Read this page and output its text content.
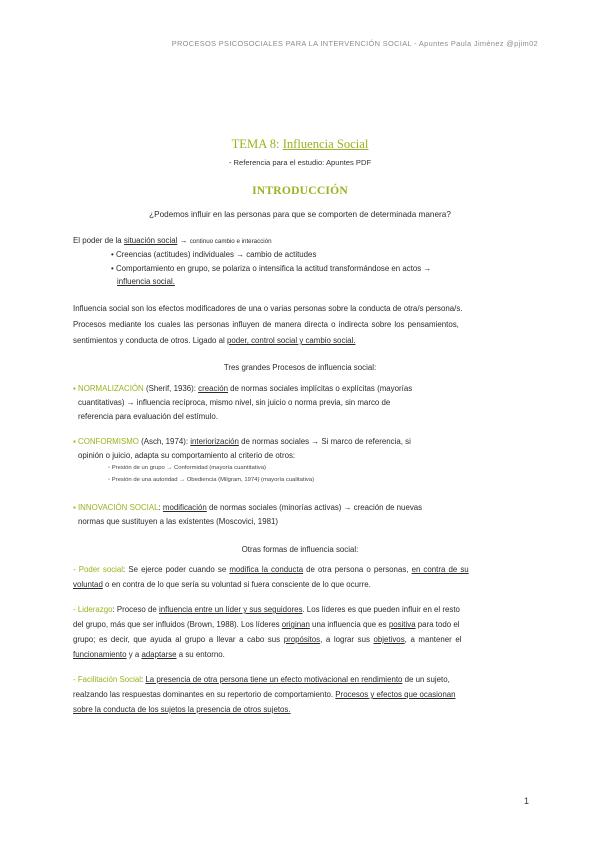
PROCESOS PSICOSOCIALES PARA LA INTERVENCIÓN SOCIAL - Apuntes Paula Jiménez @pjim02
TEMA 8: Influencia Social
- Referencia para el estudio: Apuntes PDF
INTRODUCCIÓN
¿Podemos influir en las personas para que se comporten de determinada manera?
El poder de la situación social → continuo cambio e interacción
• Creencias (actitudes) individuales → cambio de actitudes
• Comportamiento en grupo, se polariza o intensifica la actitud transformándose en actos →
influencia social.
Influencia social son los efectos modificadores de una o varias personas sobre la conducta de otra/s persona/s.
Procesos mediante los cuales las personas influyen de manera directa o indirecta sobre los pensamientos,
sentimientos y conducta de otros. Ligado al poder, control social y cambio social.
Tres grandes Procesos de influencia social:
▪ NORMALIZACIÓN (Sherif, 1936): creación de normas sociales implícitas o explícitas (mayorías
cuantitativas) → influencia recíproca, mismo nivel, sin juicio o norma previa, sin marco de
referencia para evaluación del estímulo.
▪ CONFORMISMO (Asch, 1974): interiorización de normas sociales → Si marco de referencia, si
opinión o juicio, adapta su comportamiento al criterio de otros:
◦ Presión de un grupo → Conformidad (mayoría cuantitativa)
◦ Presión de una autoridad → Obediencia (Milgram, 1974) (mayoría cualitativa)
▪ INNOVACIÓN SOCIAL: modificación de normas sociales (minorías activas) → creación de nuevas
normas que sustituyen a las existentes (Moscovici, 1981)
Otras formas de influencia social:
- Poder social: Se ejerce poder cuando se modifica la conducta de otra persona o personas, en contra de su
voluntad o en contra de lo que sería su voluntad si fuera consciente de lo que ocurre.
- Liderazgo: Proceso de influencia entre un líder y sus seguidores. Los líderes es que pueden influir en el resto
del grupo, más que ser influidos (Brown, 1988). Los líderes originan una influencia que es positiva para todo el
grupo; es decir, que ayuda al grupo a llevar a cabo sus propósitos, a lograr sus objetivos, a mantener el
funcionamiento y a adaptarse a su entorno.
- Facilitación Social: La presencia de otra persona tiene un efecto motivacional en rendimiento de un sujeto,
realzando las respuestas dominantes en su repertorio de comportamiento. Procesos y efectos que ocasionan
sobre la conducta de los sujetos la presencia de otros sujetos.
1
